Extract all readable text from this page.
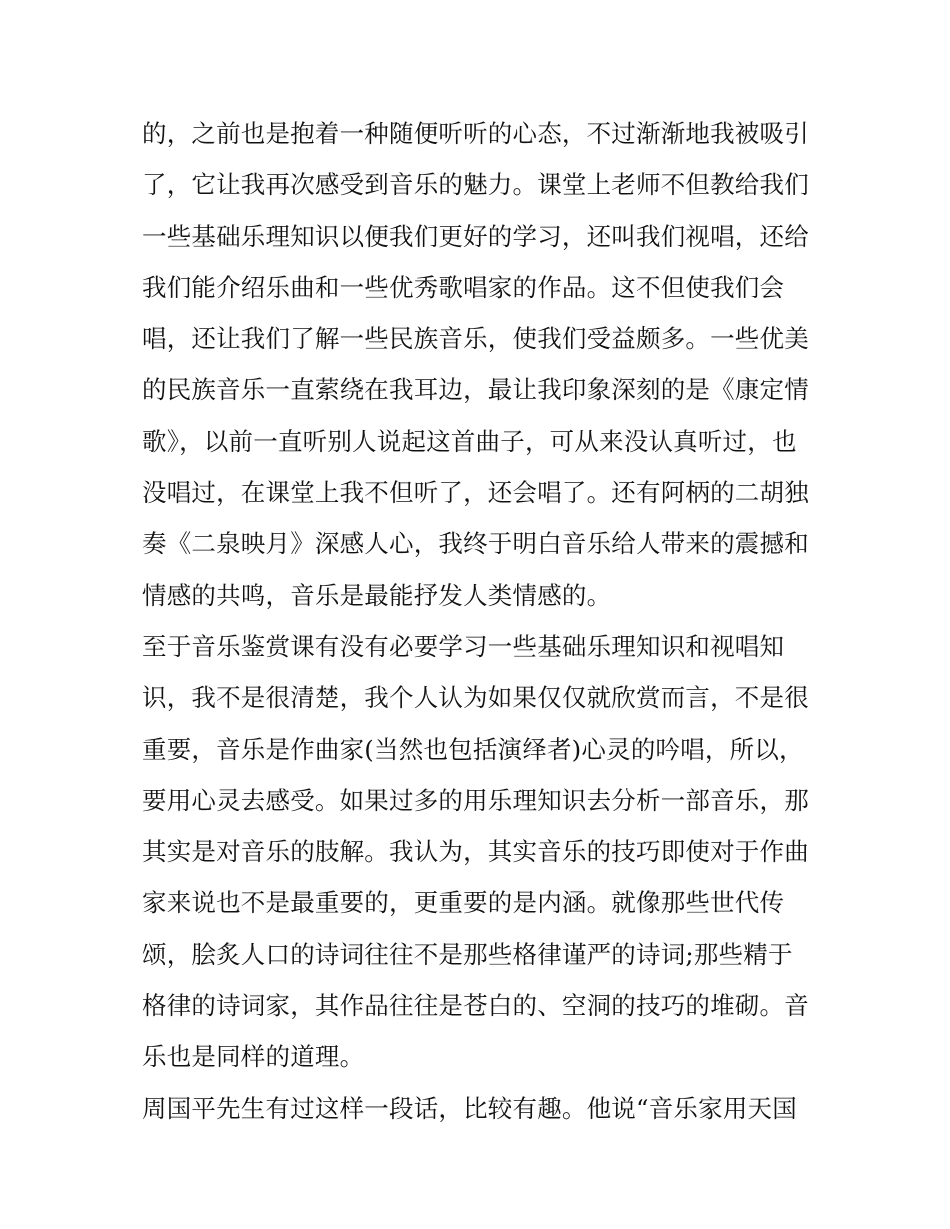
的，之前也是抱着一种随便听听的心态，不过渐渐地我被吸引
了，它让我再次感受到音乐的魅力。课堂上老师不但教给我们
一些基础乐理知识以便我们更好的学习，还叫我们视唱，还给
我们能介绍乐曲和一些优秀歌唱家的作品。这不但使我们会
唱，还让我们了解一些民族音乐，使我们受益颇多。一些优美
的民族音乐一直萦绕在我耳边，最让我印象深刻的是《康定情
歌》，以前一直听别人说起这首曲子，可从来没认真听过，也
没唱过，在课堂上我不但听了，还会唱了。还有阿柄的二胡独
奏《二泉映月》深感人心，我终于明白音乐给人带来的震撼和
情感的共鸣，音乐是最能抒发人类情感的。
至于音乐鉴赏课有没有必要学习一些基础乐理知识和视唱知
识，我不是很清楚，我个人认为如果仅仅就欣赏而言，不是很
重要，音乐是作曲家(当然也包括演绎者)心灵的吟唱，所以，
要用心灵去感受。如果过多的用乐理知识去分析一部音乐，那
其实是对音乐的肢解。我认为，其实音乐的技巧即使对于作曲
家来说也不是最重要的，更重要的是内涵。就像那些世代传
颂，脍炙人口的诗词往往不是那些格律谨严的诗词;那些精于
格律的诗词家，其作品往往是苍白的、空洞的技巧的堆砌。音
乐也是同样的道理。
周国平先生有过这样一段话，比较有趣。他说“音乐家用天国
